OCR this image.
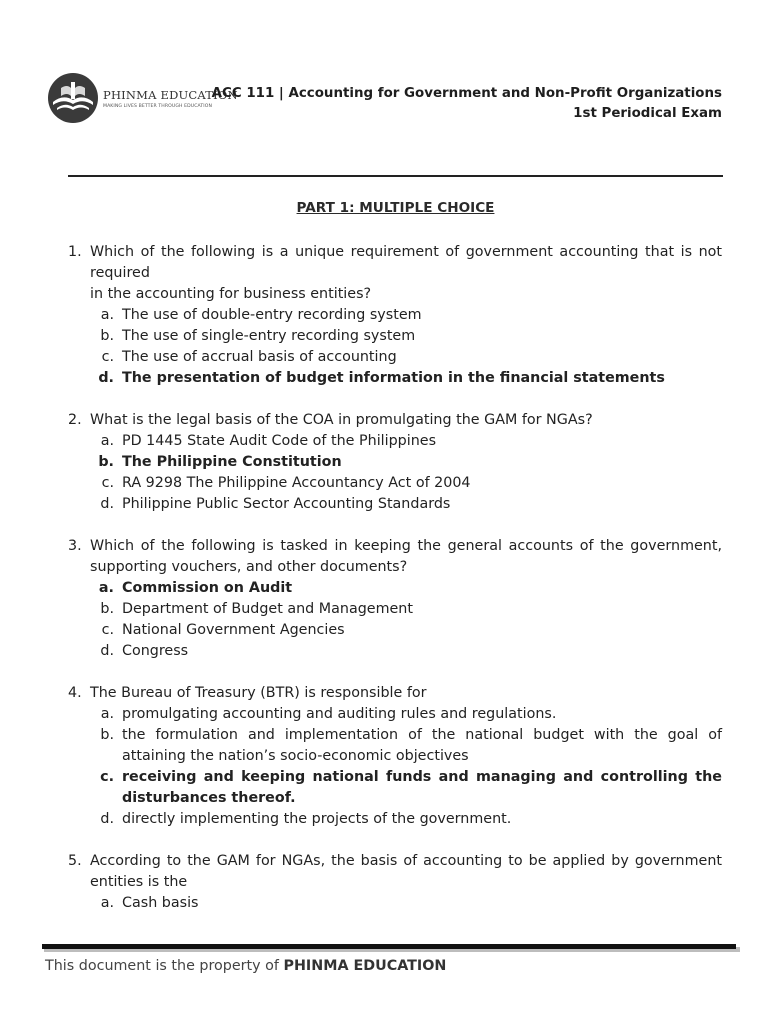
PHINMA EDUCATION
MAKING LIVES BETTER THROUGH EDUCATION
ACC 111 | Accounting for Government and Non-Profit Organizations
1st Periodical Exam
PART 1: MULTIPLE CHOICE
1. Which of the following is a unique requirement of government accounting that is not required
in the accounting for business entities?
a. The use of double-entry recording system
b. The use of single-entry recording system
c. The use of accrual basis of accounting
d. The presentation of budget information in the financial statements
2. What is the legal basis of the COA in promulgating the GAM for NGAs?
a. PD 1445 State Audit Code of the Philippines
b. The Philippine Constitution
c. RA 9298 The Philippine Accountancy Act of 2004
d. Philippine Public Sector Accounting Standards
3. Which of the following is tasked in keeping the general accounts of the government, supporting vouchers, and other documents?
a. Commission on Audit
b. Department of Budget and Management
c. National Government Agencies
d. Congress
4. The Bureau of Treasury (BTR) is responsible for
a. promulgating accounting and auditing rules and regulations.
b. the formulation and implementation of the national budget with the goal of attaining the nation’s socio-economic objectives
c. receiving and keeping national funds and managing and controlling the disturbances thereof.
d. directly implementing the projects of the government.
5. According to the GAM for NGAs, the basis of accounting to be applied by government entities is the
a. Cash basis
This document is the property of PHINMA EDUCATION
